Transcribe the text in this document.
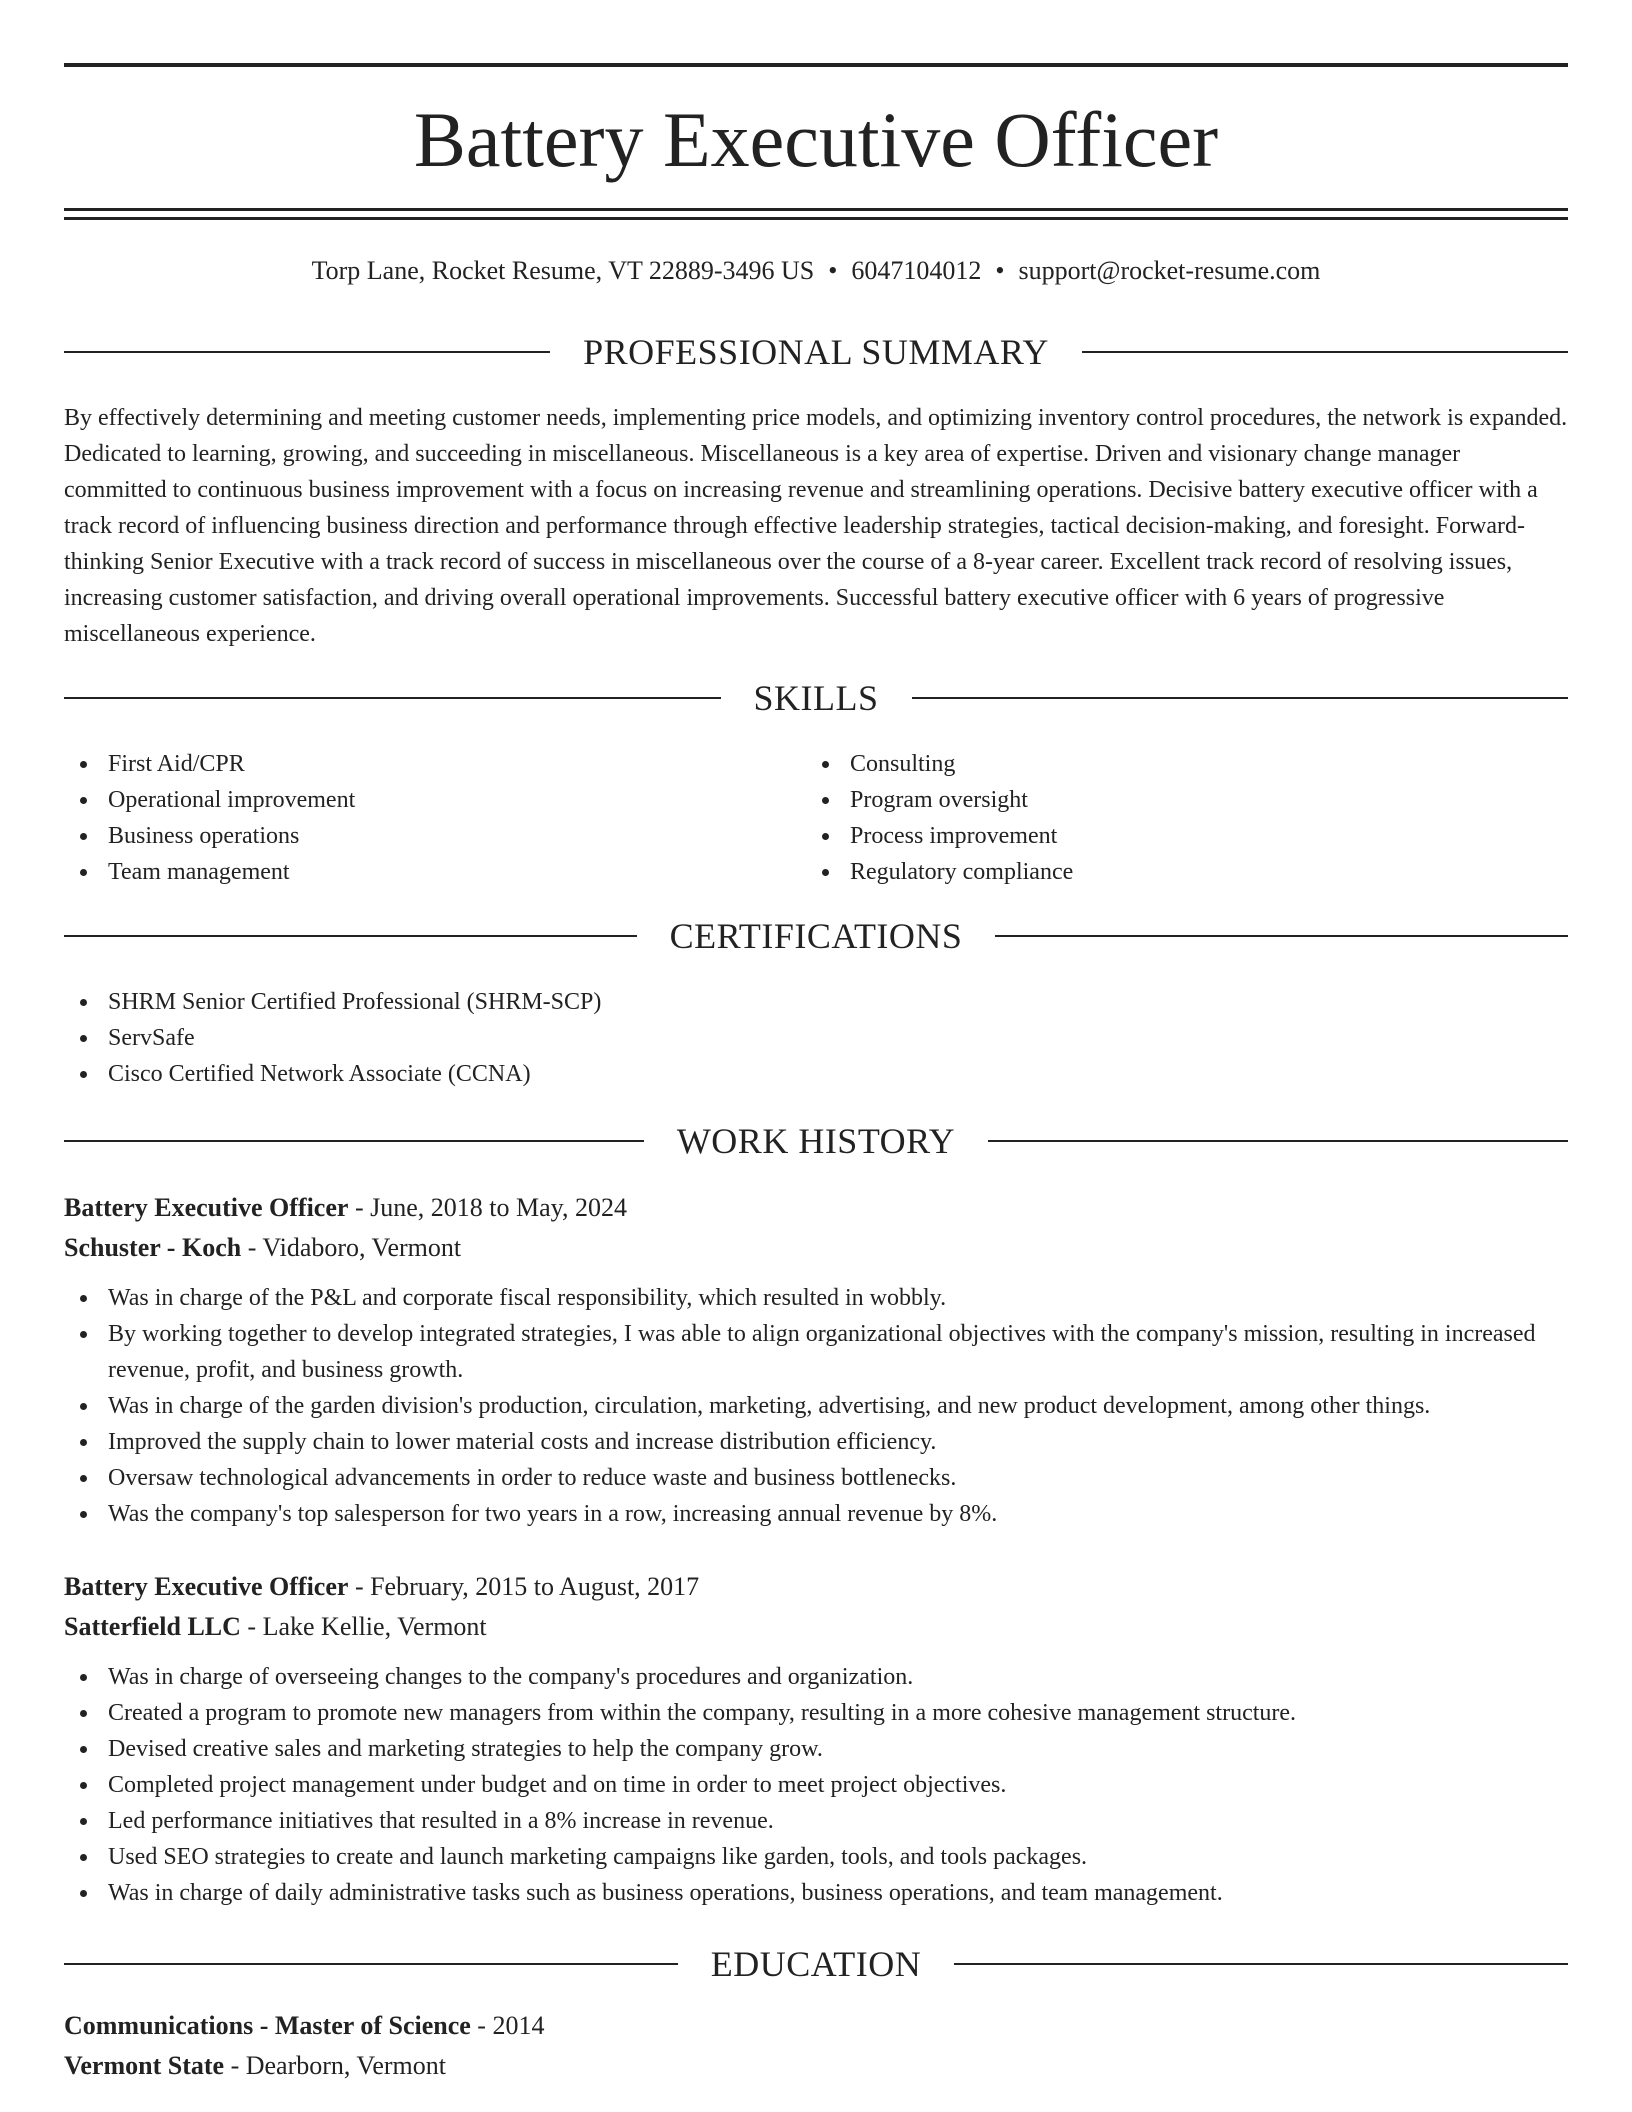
Battery Executive Officer
Torp Lane, Rocket Resume, VT 22889-3496 US • 6047104012 • support@rocket-resume.com
PROFESSIONAL SUMMARY

By effectively determining and meeting customer needs, implementing price models, and optimizing inventory control procedures, the network is expanded. Dedicated to learning, growing, and succeeding in miscellaneous. Miscellaneous is a key area of expertise. Driven and visionary change manager committed to continuous business improvement with a focus on increasing revenue and streamlining operations. Decisive battery executive officer with a track record of influencing business direction and performance through effective leadership strategies, tactical decision-making, and foresight. Forward-thinking Senior Executive with a track record of success in miscellaneous over the course of a 8-year career. Excellent track record of resolving issues, increasing customer satisfaction, and driving overall operational improvements. Successful battery executive officer with 6 years of progressive miscellaneous experience.

SKILLS
First Aid/CPR
Operational improvement
Business operations
Team management
Consulting
Program oversight
Process improvement
Regulatory compliance
CERTIFICATIONS
SHRM Senior Certified Professional (SHRM-SCP)
ServSafe
Cisco Certified Network Associate (CCNA)
WORK HISTORY
Battery Executive Officer - June, 2018 to May, 2024
Schuster - Koch - Vidaboro, Vermont
Was in charge of the P&L and corporate fiscal responsibility, which resulted in wobbly.
By working together to develop integrated strategies, I was able to align organizational objectives with the company's mission, resulting in increased revenue, profit, and business growth.
Was in charge of the garden division's production, circulation, marketing, advertising, and new product development, among other things.
Improved the supply chain to lower material costs and increase distribution efficiency.
Oversaw technological advancements in order to reduce waste and business bottlenecks.
Was the company's top salesperson for two years in a row, increasing annual revenue by 8%.
Battery Executive Officer - February, 2015 to August, 2017
Satterfield LLC - Lake Kellie, Vermont
Was in charge of overseeing changes to the company's procedures and organization.
Created a program to promote new managers from within the company, resulting in a more cohesive management structure.
Devised creative sales and marketing strategies to help the company grow.
Completed project management under budget and on time in order to meet project objectives.
Led performance initiatives that resulted in a 8% increase in revenue.
Used SEO strategies to create and launch marketing campaigns like garden, tools, and tools packages.
Was in charge of daily administrative tasks such as business operations, business operations, and team management.
EDUCATION
Communications - Master of Science - 2014
Vermont State - Dearborn, Vermont
